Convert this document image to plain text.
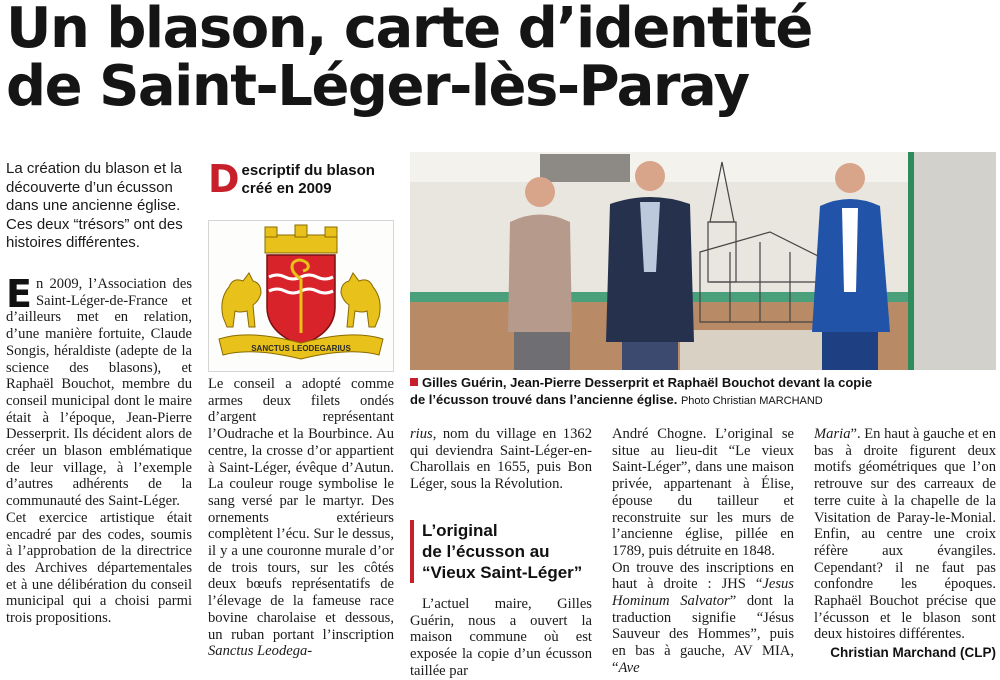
Un blason, carte d’identité
de Saint-Léger-lès-Paray

La création du blason et la découverte d’un écusson dans une ancienne église. Ces deux “trésors” ont des histoires différentes.

En 2009, l’Association des Saint-Léger-de-France et d’ailleurs met en relation, d’une manière fortuite, Claude Songis, héraldiste (adepte de la science des blasons), et Raphaël Bouchot, membre du conseil municipal dont le maire était à l’époque, Jean-Pierre Desserprit. Ils décident alors de créer un blason emblématique de leur village, à l’exemple d’autres adhérents de la communauté des Saint-Léger.

Cet exercice artistique était encadré par des codes, soumis à l’approbation de la directrice des Archives départementales et à une délibération du conseil municipal qui a choisi parmi trois propositions.

D escriptif du blason
créé en 2009
SANCTUS LEODEGARIUS

Le conseil a adopté comme armes deux filets ondés d’argent représentant l’Oudrache et la Bourbince. Au centre, la crosse d’or appartient à Saint-Léger, évêque d’Autun. La couleur rouge symbolise le sang versé par le martyr. Des ornements extérieurs complètent l’écu. Sur le dessus, il y a une couronne murale d’or de trois tours, sur les côtés deux bœufs représentatifs de l’élevage de la fameuse race bovine charolaise et dessous, un ruban portant l’inscription Sanctus Leodega-

Gilles Guérin, Jean-Pierre Desserprit et Raphaël Bouchot devant la copie
de l’écusson trouvé dans l’ancienne église. Photo Christian MARCHAND

rius, nom du village en 1362 qui deviendra Saint-Léger-en-Charollais en 1655, puis Bon Léger, sous la Révolution.

L’original
de l’écusson au
“Vieux Saint-Léger”

L’actuel maire, Gilles Guérin, nous a ouvert la maison commune où est exposée la copie d’un écusson taillée par

André Chogne. L’original se situe au lieu-dit “Le vieux Saint-Léger”, dans une maison privée, appartenant à Élise, épouse du tailleur et reconstruite sur les murs de l’ancienne église, pillée en 1789, puis détruite en 1848.

On trouve des inscriptions en haut à droite : JHS “Jesus Hominum Salvator” dont la traduction signifie “Jésus Sauveur des Hommes”, puis en bas à gauche, AV MIA, “Ave

Maria”. En haut à gauche et en bas à droite figurent deux motifs géométriques que l’on retrouve sur des carreaux de terre cuite à la chapelle de la Visitation de Paray-le-Monial. Enfin, au centre une croix réfère aux évangiles. Cependant? il ne faut pas confondre les époques. Raphaël Bouchot précise que l’écusson et le blason sont deux histoires différentes.

Christian Marchand (CLP)
